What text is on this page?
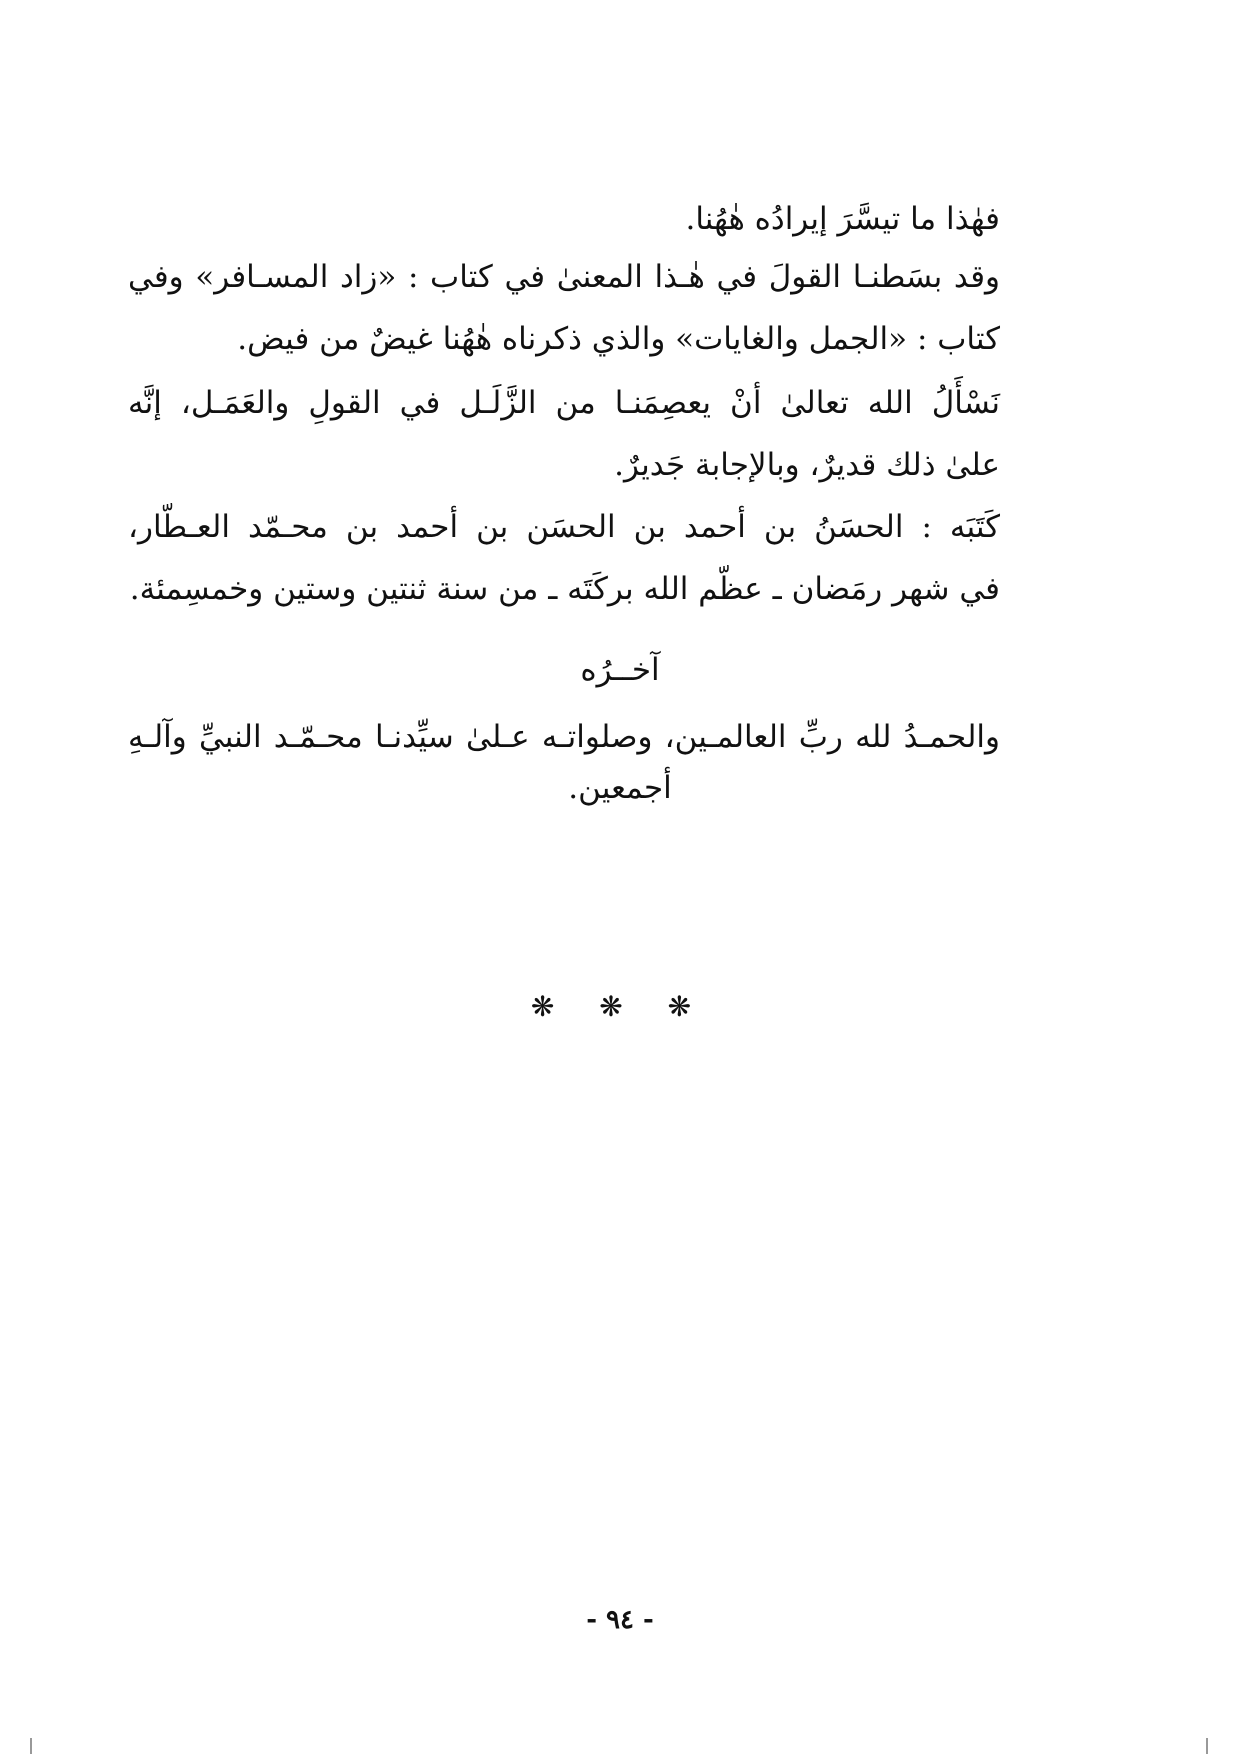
فهٰذا ما تيسَّرَ إيرادُه هٰهُنا.
وقد بسَطنـا القولَ في هٰـذا المعنىٰ في كتاب : «زاد المسـافر» وفي
كتاب : «الجمل والغايات» والذي ذكرناه هٰهُنا غيضٌ من فيض.
نَسْأَلُ الله تعالىٰ أنْ يعصِمَنـا من الزَّلَـل في القولِ والعَمَـل، إنَّه
علىٰ ذلك قديرٌ، وبالإجابة جَديرٌ.
كَتَبَه : الحسَنُ بن أحمد بن الحسَن بن أحمد بن محـمّد العـطّار،
في شهر رمَضان ـ عظّم الله بركَتَه ـ من سنة ثنتين وستين وخمسِمئة.
آخــرُه
والحمـدُ لله ربِّ العالمـين، وصلواتـه عـلىٰ سيِّدنـا محـمّـد النبيِّ وآلـهِ
أجمعين.
❋ ❋ ❋
- ٩٤ -
